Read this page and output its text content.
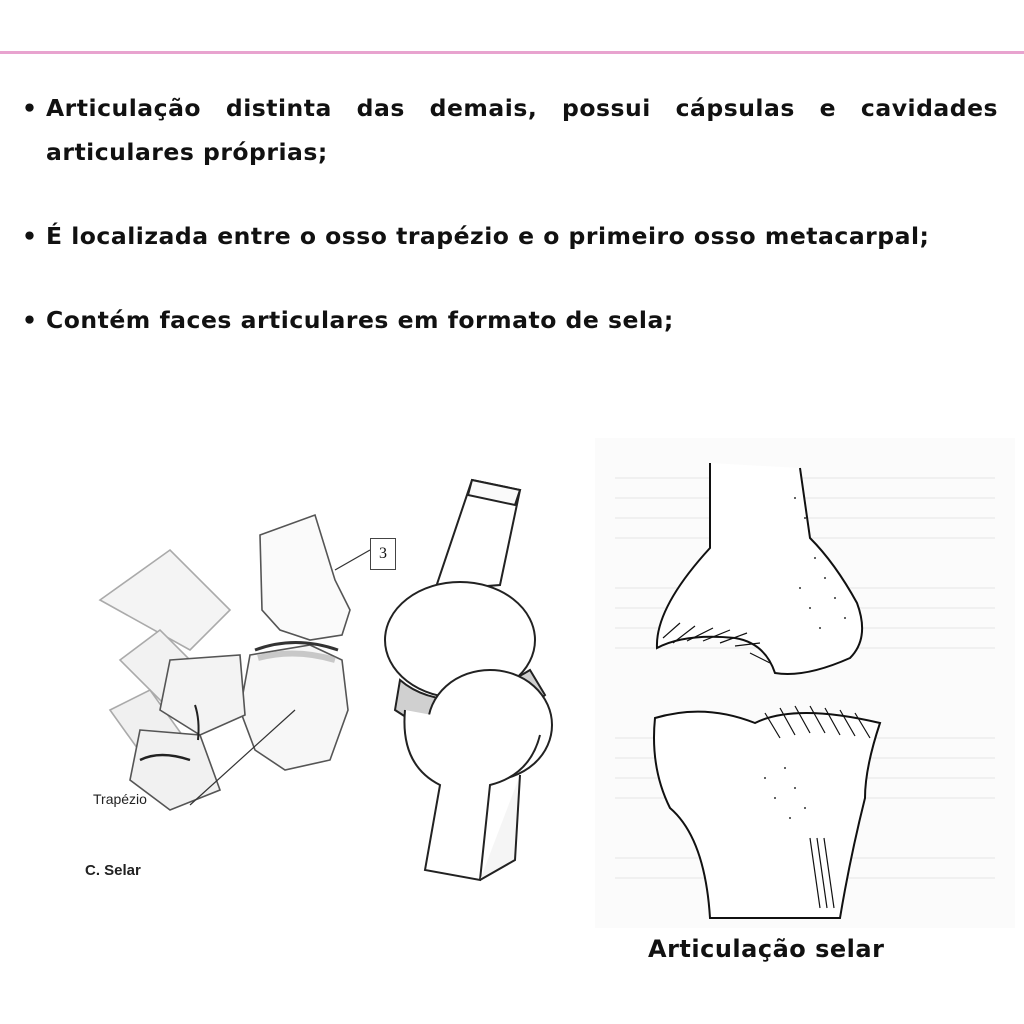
• Articulação distinta das demais, possui cápsulas e cavidades articulares próprias;
• É localizada entre o osso trapézio e o primeiro osso metacarpal;
• Contém faces articulares em formato de sela;
3
Trapézio
C. Selar
Articulação selar
